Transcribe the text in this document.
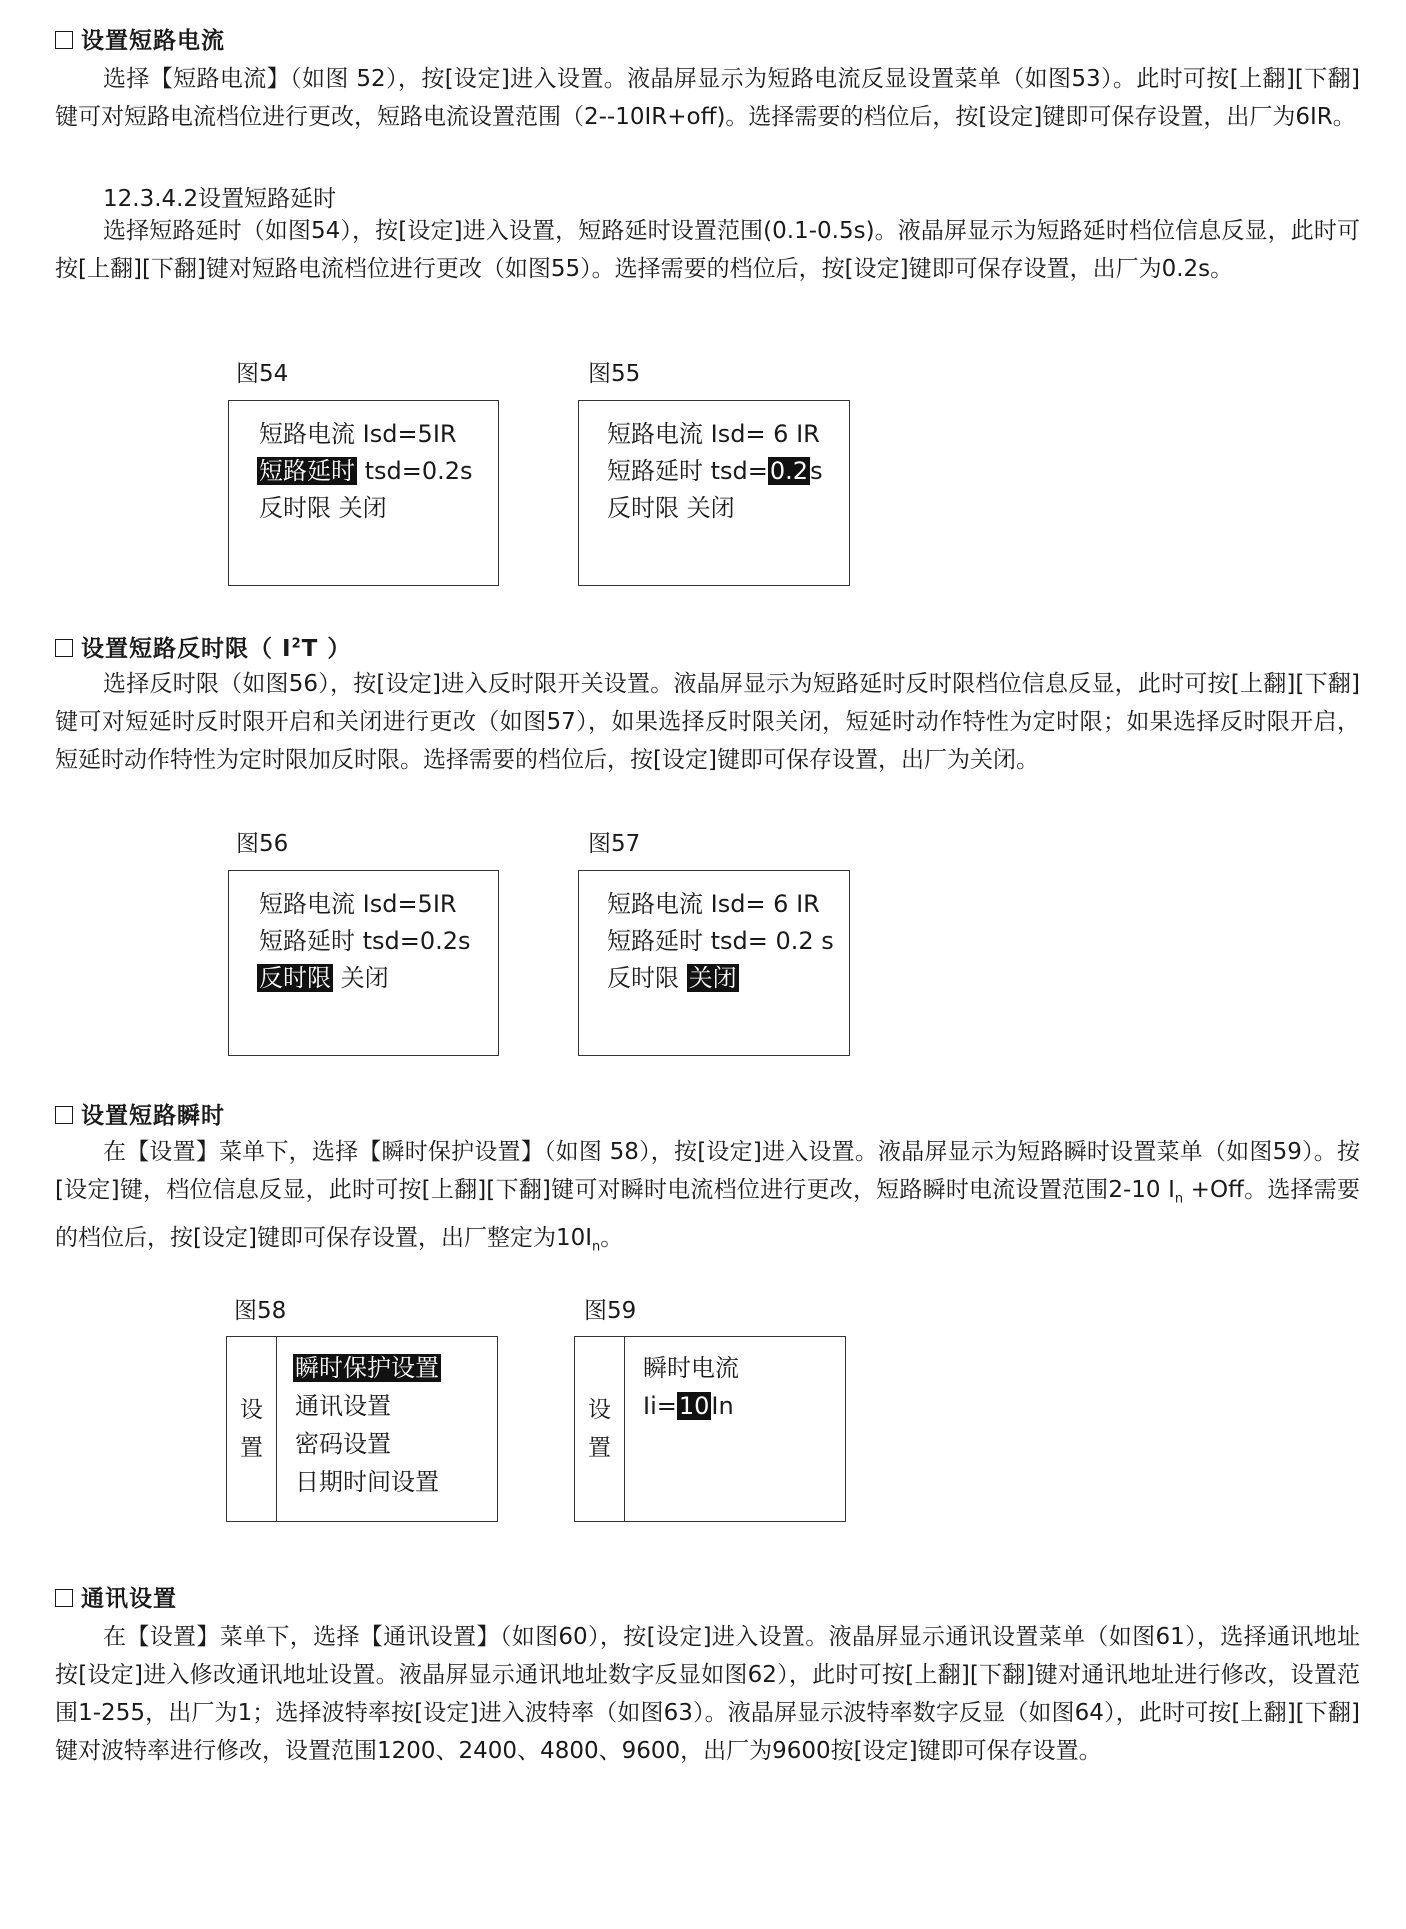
设置短路电流
选择【短路电流】（如图 52），按[设定]进入设置。液晶屏显示为短路电流反显设置菜单（如图53）。此时可按[上翻][下翻]键可对短路电流档位进行更改，短路电流设置范围（2--10IR+off)。选择需要的档位后，按[设定]键即可保存设置，出厂为6IR。
12.3.4.2设置短路延时
选择短路延时（如图54），按[设定]进入设置，短路延时设置范围(0.1-0.5s)。液晶屏显示为短路延时档位信息反显，此时可按[上翻][下翻]键对短路电流档位进行更改（如图55）。选择需要的档位后，按[设定]键即可保存设置，出厂为0.2s。
图54
短路电流 Isd=5IR
短路延时 tsd=0.2s
反时限 关闭
图55
短路电流 Isd= 6 IR
短路延时 tsd=0.2s
反时限 关闭
设置短路反时限（ $I^2T$ ）
选择反时限（如图56），按[设定]进入反时限开关设置。液晶屏显示为短路延时反时限档位信息反显，此时可按[上翻][下翻]键可对短延时反时限开启和关闭进行更改（如图57），如果选择反时限关闭，短延时动作特性为定时限；如果选择反时限开启，短延时动作特性为定时限加反时限。选择需要的档位后，按[设定]键即可保存设置，出厂为关闭。
图56
短路电流 Isd=5IR
短路延时 tsd=0.2s
反时限 关闭
图57
短路电流 Isd= 6 IR
短路延时 tsd= 0.2 s
反时限 关闭
设置短路瞬时
在【设置】菜单下，选择【瞬时保护设置】（如图 58），按[设定]进入设置。液晶屏显示为短路瞬时设置菜单（如图59）。按[设定]键，档位信息反显，此时可按[上翻][下翻]键可对瞬时电流档位进行更改，短路瞬时电流设置范围2-10 $I_n +Off$。选择需要的档位后，按[设定]键即可保存设置，出厂整定为$10I_n$。
图58
设置
瞬时保护设置
通讯设置
密码设置
日期时间设置
图59
设置
瞬时电流
Ii=10In
通讯设置
在【设置】菜单下，选择【通讯设置】（如图60），按[设定]进入设置。液晶屏显示通讯设置菜单（如图61），选择通讯地址按[设定]进入修改通讯地址设置。液晶屏显示通讯地址数字反显如图62），此时可按[上翻][下翻]键对通讯地址进行修改，设置范围1-255，出厂为1；选择波特率按[设定]进入波特率（如图63）。液晶屏显示波特率数字反显（如图64），此时可按[上翻][下翻]键对波特率进行修改，设置范围1200、2400、4800、9600，出厂为9600按[设定]键即可保存设置。
